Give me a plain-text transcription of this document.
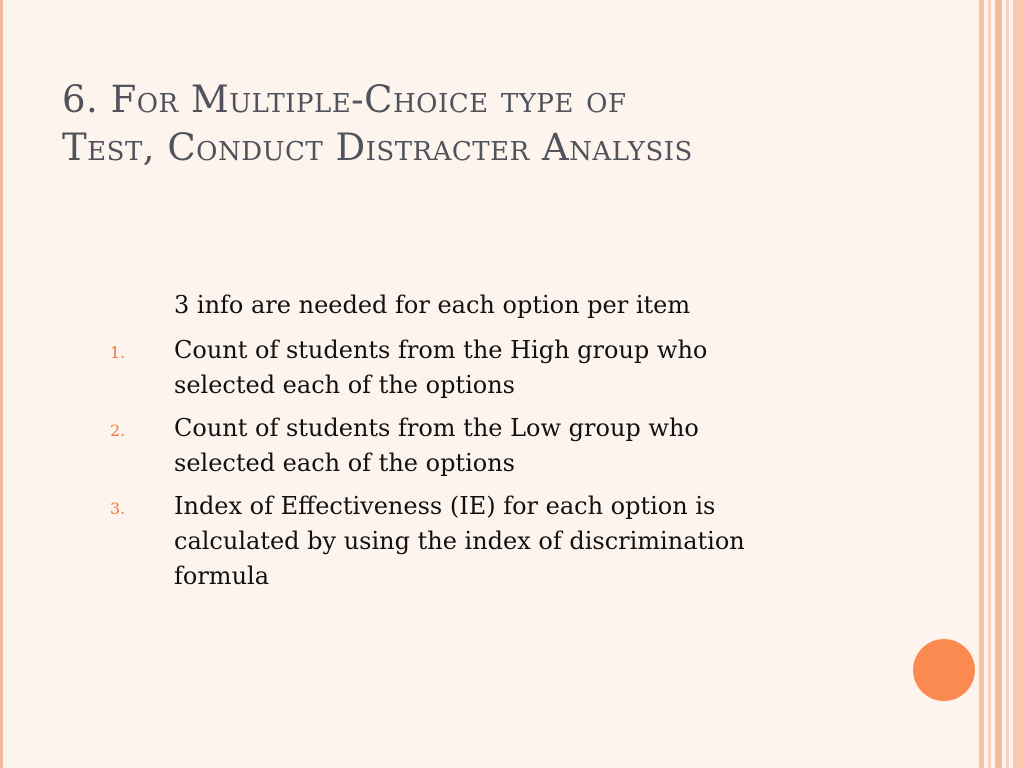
6. For Multiple-Choice type of
Test, Conduct Distracter Analysis
3 info are needed for each option per item
1. Count of students from the High group who
selected each of the options
2. Count of students from the Low group who
selected each of the options
3. Index of Effectiveness (IE) for each option is
calculated by using the index of discrimination
formula
